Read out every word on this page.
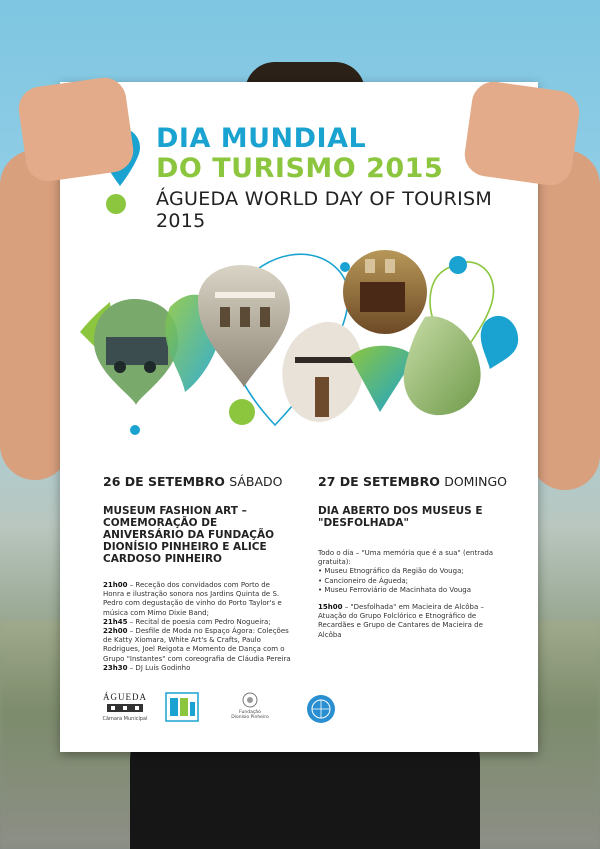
DIA MUNDIAL
DO TURISMO 2015
ÁGUEDA WORLD DAY OF TOURISM 2015
26 DE SETEMBRO SÁBADO
MUSEUM FASHION ART – COMEMORAÇÃO DE ANIVERSÁRIO DA FUNDAÇÃO DIONÍSIO PINHEIRO E ALICE CARDOSO PINHEIRO
21h00 – Receção dos convidados com Porto de Honra e ilustração sonora nos Jardins Quinta de S. Pedro com degustação de vinho do Porto Taylor's e música com Mimo Dixie Band;
21h45 – Recital de poesia com Pedro Nogueira;
22h00 – Desfile de Moda no Espaço Ágora: Coleções de Katty Xiomara, White Art's & Crafts, Paulo Rodrigues, Joel Reigota e Momento de Dança com o Grupo "Instantes" com coreografia de Cláudia Pereira
23h30 – DJ Luís Godinho
27 DE SETEMBRO DOMINGO
DIA ABERTO DOS MUSEUS E "DESFOLHADA"
Todo o dia – "Uma memória que é a sua" (entrada gratuita):
• Museu Etnográfico da Região do Vouga;
• Cancioneiro de Águeda;
• Museu Ferroviário de Macinhata do Vouga
15h00 – "Desfolhada" em Macieira de Alcôba – Atuação do Grupo Folclórico e Etnográfico de Recardães e Grupo de Cantares de Macieira de Alcôba
ÁGUEDA
Câmara Municipal
Fundação
Dionísio Pinheiro
